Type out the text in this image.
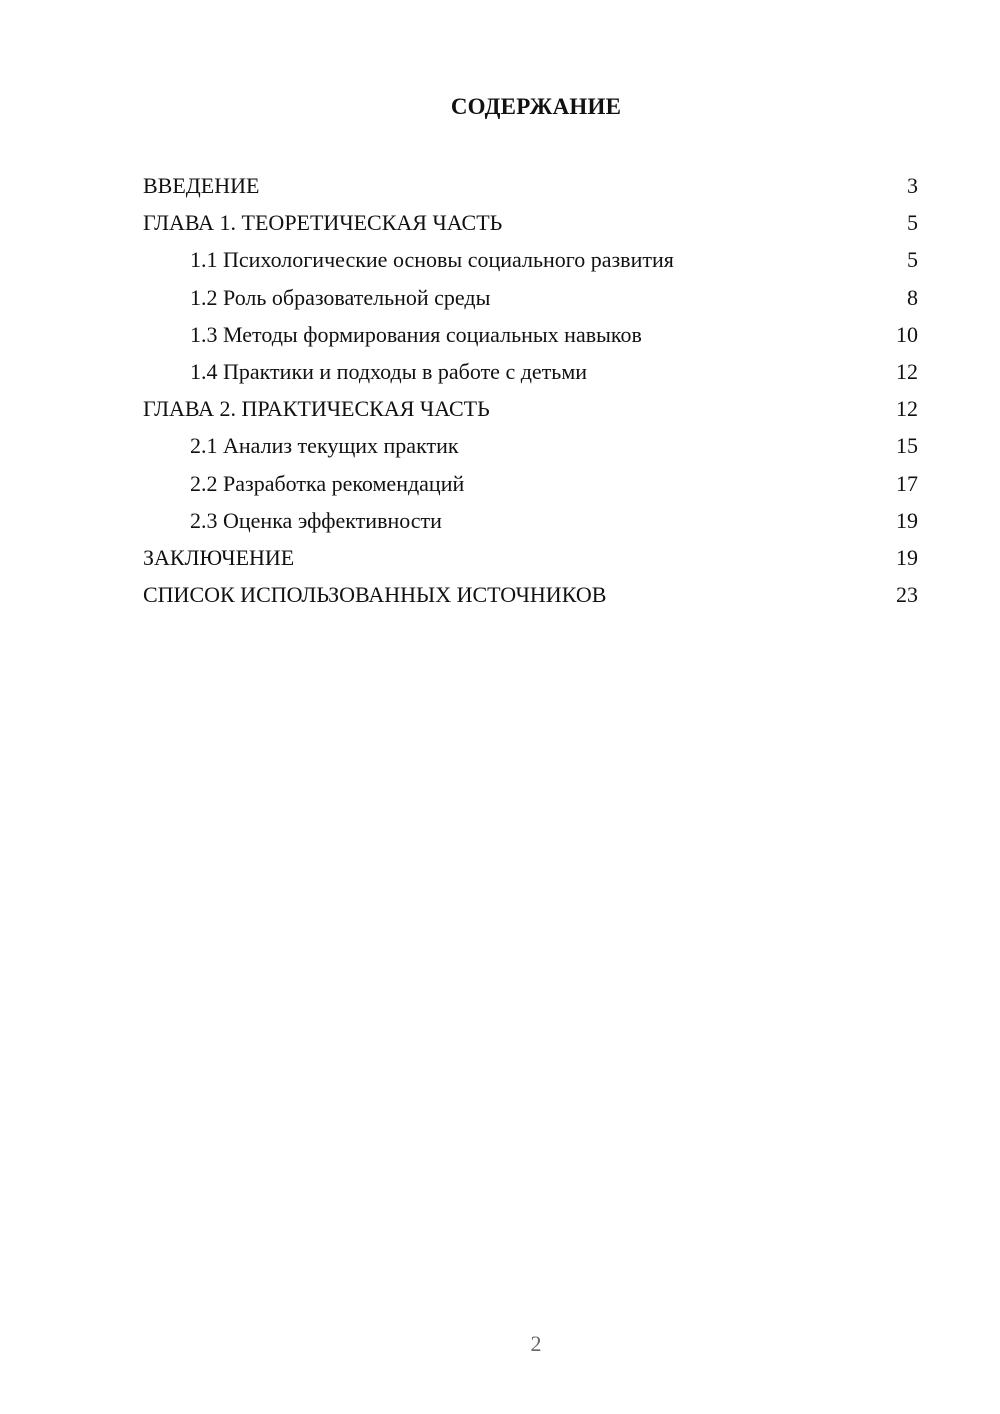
СОДЕРЖАНИЕ
ВВЕДЕНИЕ	3
ГЛАВА 1. ТЕОРЕТИЧЕСКАЯ ЧАСТЬ	5
1.1 Психологические основы социального развития	5
1.2 Роль образовательной среды	8
1.3 Методы формирования социальных навыков	10
1.4 Практики и подходы в работе с детьми	12
ГЛАВА 2. ПРАКТИЧЕСКАЯ ЧАСТЬ	12
2.1 Анализ текущих практик	15
2.2 Разработка рекомендаций	17
2.3 Оценка эффективности	19
ЗАКЛЮЧЕНИЕ	19
СПИСОК ИСПОЛЬЗОВАННЫХ ИСТОЧНИКОВ	23
2
